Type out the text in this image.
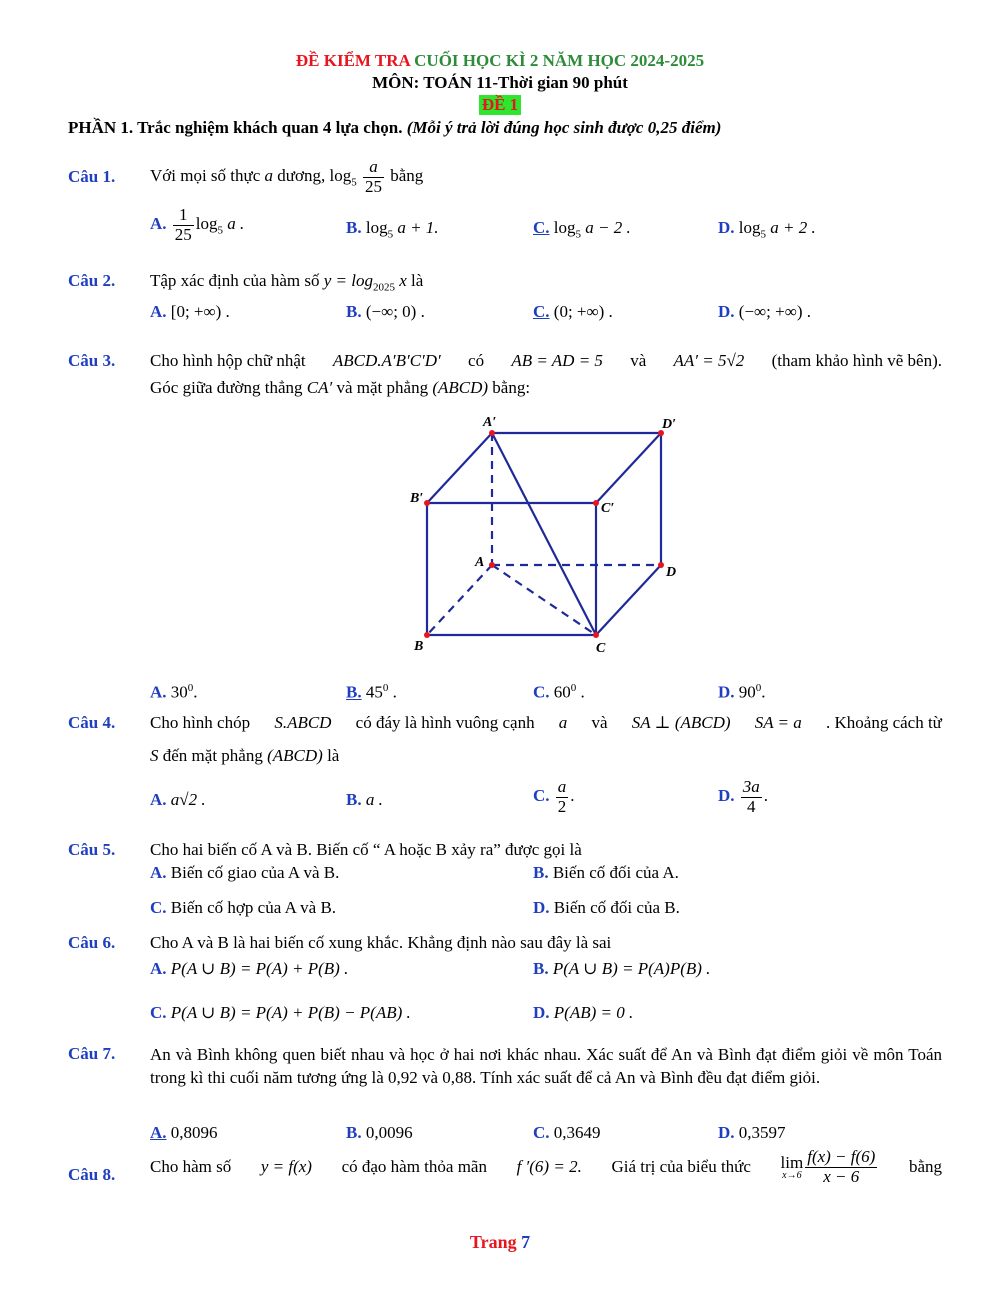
ĐỀ KIỂM TRA CUỐI HỌC KÌ 2 NĂM HỌC 2024-2025
MÔN: TOÁN 11-Thời gian 90 phút
ĐỀ 1
PHẦN 1. Trắc nghiệm khách quan 4 lựa chọn. (Mỗi ý trả lời đúng học sinh được 0,25 điểm)
Câu 1. Với mọi số thực a dương, $\log_5 \frac{a}{25}$ bằng
A. $\frac{1}{25} \log_5 a$ .	B. $\log_5 a + 1$.	C. $\log_5 a - 2$ .	D. $\log_5 a + 2$ .
Câu 2. Tập xác định của hàm số $y = \log_{2025} x$ là
A. [0; +∞) .	B. (−∞; 0) .	C. (0; +∞) .	D. (−∞; +∞) .
Câu 3. Cho hình hộp chữ nhật ABCD.A′B′C′D′ có AB = AD = 5 và AA′ = 5√2 (tham khảo hình vẽ bên).
Góc giữa đường thẳng CA′ và mặt phẳng (ABCD) bằng:
A′	D′
B′
C′
A
D
B	C
A. $30^0$.	B. $45^0$ .	C. $60^0$ .	D. $90^0$.
Câu 4. Cho hình chóp S.ABCD có đáy là hình vuông cạnh a và SA ⊥ (ABCD) SA = a . Khoảng cách từ
S đến mặt phẳng (ABCD) là
A. a√2 .	B. a .	C. $\frac{a}{2}$ .	D. $\frac{3a}{4}$ .
Câu 5. Cho hai biến cố A và B. Biến cố “ A hoặc B xảy ra” được gọi là
A. Biến cố giao của A và B.	B. Biến cố đối của A.
C. Biến cố hợp của A và B.	D. Biến cố đối của B.
Câu 6. Cho A và B là hai biến cố xung khắc. Khẳng định nào sau đây là sai
A. P(A ∪ B) = P(A) + P(B) .	B. P(A ∪ B) = P(A)P(B) .
C. P(A ∪ B) = P(A) + P(B) − P(AB) .	D. P(AB) = 0 .
Câu 7. An và Bình không quen biết nhau và học ở hai nơi khác nhau. Xác suất để An và Bình đạt điểm giỏi về môn Toán trong kì thi cuối năm tương ứng là 0,92 và 0,88. Tính xác suất để cả An và Bình đều đạt điểm giỏi.
A. 0,8096	B. 0,0096	C. 0,3649	D. 0,3597
Câu 8. Cho hàm số y = f(x) có đạo hàm thỏa mãn f ′(6) = 2. Giá trị của biểu thức lim
$x\to 6 \frac{f(x) - f(6)}{x - 6}$ bằng
Trang 7
